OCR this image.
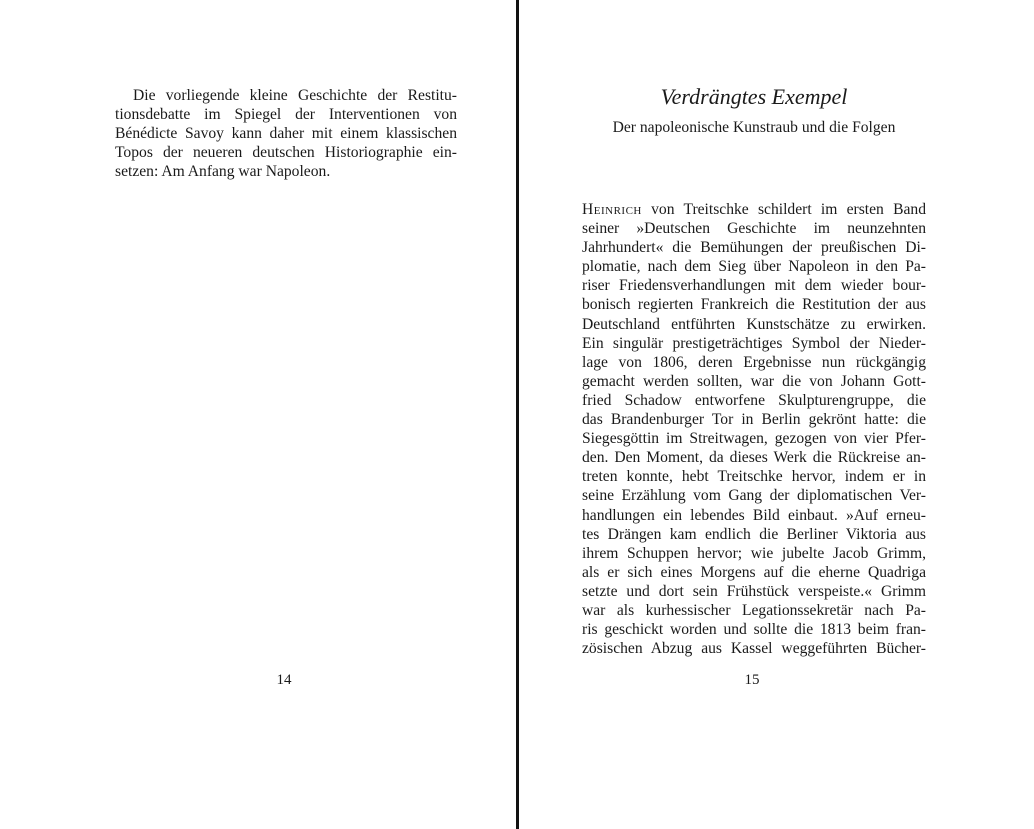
Die vorliegende kleine Geschichte der Restitu-
tionsdebatte im Spiegel der Interventionen von
Bénédicte Savoy kann daher mit einem klassischen
Topos der neueren deutschen Historiographie ein-
setzen: Am Anfang war Napoleon.
14
Verdrängtes Exempel
Der napoleonische Kunstraub und die Folgen
Heinrich von Treitschke schildert im ersten Band
seiner »Deutschen Geschichte im neunzehnten
Jahrhundert« die Bemühungen der preußischen Di-
plomatie, nach dem Sieg über Napoleon in den Pa-
riser Friedensverhandlungen mit dem wieder bour-
bonisch regierten Frankreich die Restitution der aus
Deutschland entführten Kunstschätze zu erwirken.
Ein singulär prestigeträchtiges Symbol der Nieder-
lage von 1806, deren Ergebnisse nun rückgängig
gemacht werden sollten, war die von Johann Gott-
fried Schadow entworfene Skulpturengruppe, die
das Brandenburger Tor in Berlin gekrönt hatte: die
Siegesgöttin im Streitwagen, gezogen von vier Pfer-
den. Den Moment, da dieses Werk die Rückreise an-
treten konnte, hebt Treitschke hervor, indem er in
seine Erzählung vom Gang der diplomatischen Ver-
handlungen ein lebendes Bild einbaut. »Auf erneu-
tes Drängen kam endlich die Berliner Viktoria aus
ihrem Schuppen hervor; wie jubelte Jacob Grimm,
als er sich eines Morgens auf die eherne Quadriga
setzte und dort sein Frühstück verspeiste.« Grimm
war als kurhessischer Legationssekretär nach Pa-
ris geschickt worden und sollte die 1813 beim fran-
zösischen Abzug aus Kassel weggeführten Bücher-
15
